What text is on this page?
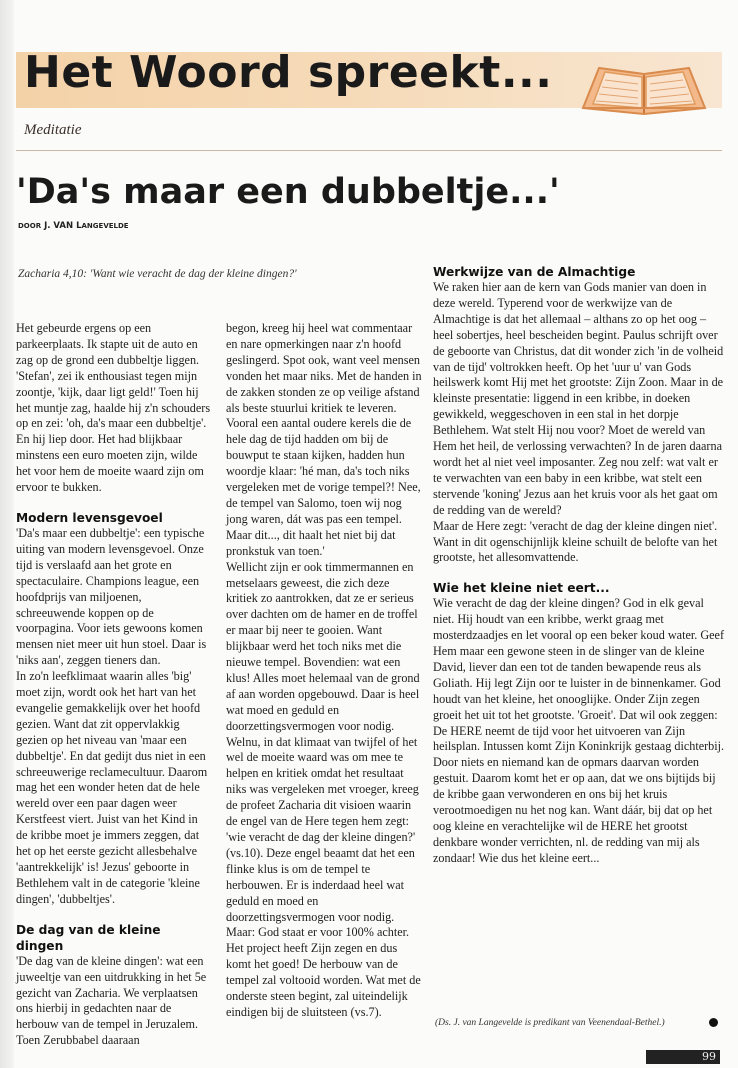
Het Woord spreekt...
Meditatie
'Da's maar een dubbeltje...'
DOOR J. VAN LANGEVELDE
Zacharia 4,10: 'Want wie veracht de dag der kleine dingen?'

Het gebeurde ergens op een parkeerplaats. Ik stapte uit de auto en zag op de grond een dubbeltje liggen. 'Stefan', zei ik enthousiast tegen mijn zoontje, 'kijk, daar ligt geld!' Toen hij het muntje zag, haalde hij z'n schouders op en zei: 'oh, da's maar een dubbeltje'. En hij liep door. Het had blijkbaar minstens een euro moeten zijn, wilde het voor hem de moeite waard zijn om ervoor te bukken.

Modern levensgevoel

'Da's maar een dubbeltje': een typische uiting van modern levensgevoel. Onze tijd is verslaafd aan het grote en spectaculaire. Champions league, een hoofdprijs van miljoenen, schreeuwende koppen op de voorpagina. Voor iets gewoons komen mensen niet meer uit hun stoel. Daar is 'niks aan', zeggen tieners dan.

In zo'n leefklimaat waarin alles 'big' moet zijn, wordt ook het hart van het evangelie gemakkelijk over het hoofd gezien. Want dat zit oppervlakkig gezien op het niveau van 'maar een dubbeltje'. En dat gedijt dus niet in een schreeuwerige reclamecultuur. Daarom mag het een wonder heten dat de hele wereld over een paar dagen weer Kerstfeest viert. Juist van het Kind in de kribbe moet je immers zeggen, dat het op het eerste gezicht allesbehalve 'aantrekkelijk' is! Jezus' geboorte in Bethlehem valt in de categorie 'kleine dingen', 'dubbeltjes'.

De dag van de kleine dingen

'De dag van de kleine dingen': wat een juweeltje van een uitdrukking in het 5e gezicht van Zacharia. We verplaatsen ons hierbij in gedachten naar de herbouw van de tempel in Jeruzalem. Toen Zerubbabel daaraan

begon, kreeg hij heel wat commentaar en nare opmerkingen naar z'n hoofd geslingerd. Spot ook, want veel mensen vonden het maar niks. Met de handen in de zakken stonden ze op veilige afstand als beste stuurlui kritiek te leveren. Vooral een aantal oudere kerels die de hele dag de tijd hadden om bij de bouwput te staan kijken, hadden hun woordje klaar: 'hé man, da's toch niks vergeleken met de vorige tempel?! Nee, de tempel van Salomo, toen wij nog jong waren, dát was pas een tempel. Maar dit..., dit haalt het niet bij dat pronkstuk van toen.'

Wellicht zijn er ook timmermannen en metselaars geweest, die zich deze kritiek zo aantrokken, dat ze er serieus over dachten om de hamer en de troffel er maar bij neer te gooien. Want blijkbaar werd het toch niks met die nieuwe tempel. Bovendien: wat een klus! Alles moet helemaal van de grond af aan worden opgebouwd. Daar is heel wat moed en geduld en doorzettingsvermogen voor nodig. Welnu, in dat klimaat van twijfel of het wel de moeite waard was om mee te helpen en kritiek omdat het resultaat niks was vergeleken met vroeger, kreeg de profeet Zacharia dit visioen waarin de engel van de Here tegen hem zegt: 'wie veracht de dag der kleine dingen?' (vs.10). Deze engel beaamt dat het een flinke klus is om de tempel te herbouwen. Er is inderdaad heel wat geduld en moed en doorzettingsvermogen voor nodig. Maar: God staat er voor 100% achter. Het project heeft Zijn zegen en dus komt het goed! De herbouw van de tempel zal voltooid worden. Wat met de onderste steen begint, zal uiteindelijk eindigen bij de sluitsteen (vs.7).

Werkwijze van de Almachtige

We raken hier aan de kern van Gods manier van doen in deze wereld. Typerend voor de werkwijze van de Almachtige is dat het allemaal – althans zo op het oog – heel sobertjes, heel bescheiden begint. Paulus schrijft over de geboorte van Christus, dat dit wonder zich 'in de volheid van de tijd' voltrokken heeft. Op het 'uur u' van Gods heilswerk komt Hij met het grootste: Zijn Zoon. Maar in de kleinste presentatie: liggend in een kribbe, in doeken gewikkeld, weggeschoven in een stal in het dorpje Bethlehem. Wat stelt Hij nou voor? Moet de wereld van Hem het heil, de verlossing verwachten? In de jaren daarna wordt het al niet veel imposanter. Zeg nou zelf: wat valt er te verwachten van een baby in een kribbe, wat stelt een stervende 'koning' Jezus aan het kruis voor als het gaat om de redding van de wereld?

Maar de Here zegt: 'veracht de dag der kleine dingen niet'. Want in dit ogenschijnlijk kleine schuilt de belofte van het grootste, het allesomvattende.

Wie het kleine niet eert...

Wie veracht de dag der kleine dingen? God in elk geval niet. Hij houdt van een kribbe, werkt graag met mosterdzaadjes en let vooral op een beker koud water. Geef Hem maar een gewone steen in de slinger van de kleine David, liever dan een tot de tanden bewapende reus als Goliath. Hij legt Zijn oor te luister in de binnenkamer. God houdt van het kleine, het onooglijke. Onder Zijn zegen groeit het uit tot het grootste. 'Groeit'. Dat wil ook zeggen: De HERE neemt de tijd voor het uitvoeren van Zijn heilsplan. Intussen komt Zijn Koninkrijk gestaag dichterbij. Door niets en niemand kan de opmars daarvan worden gestuit. Daarom komt het er op aan, dat we ons bijtijds bij de kribbe gaan verwonderen en ons bij het kruis verootmoedigen nu het nog kan. Want dáár, bij dat op het oog kleine en verachtelijke wil de HERE het grootst denkbare wonder verrichten, nl. de redding van mij als zondaar! Wie dus het kleine eert...

(Ds. J. van Langevelde is predikant van Veenendaal-Bethel.)
99
